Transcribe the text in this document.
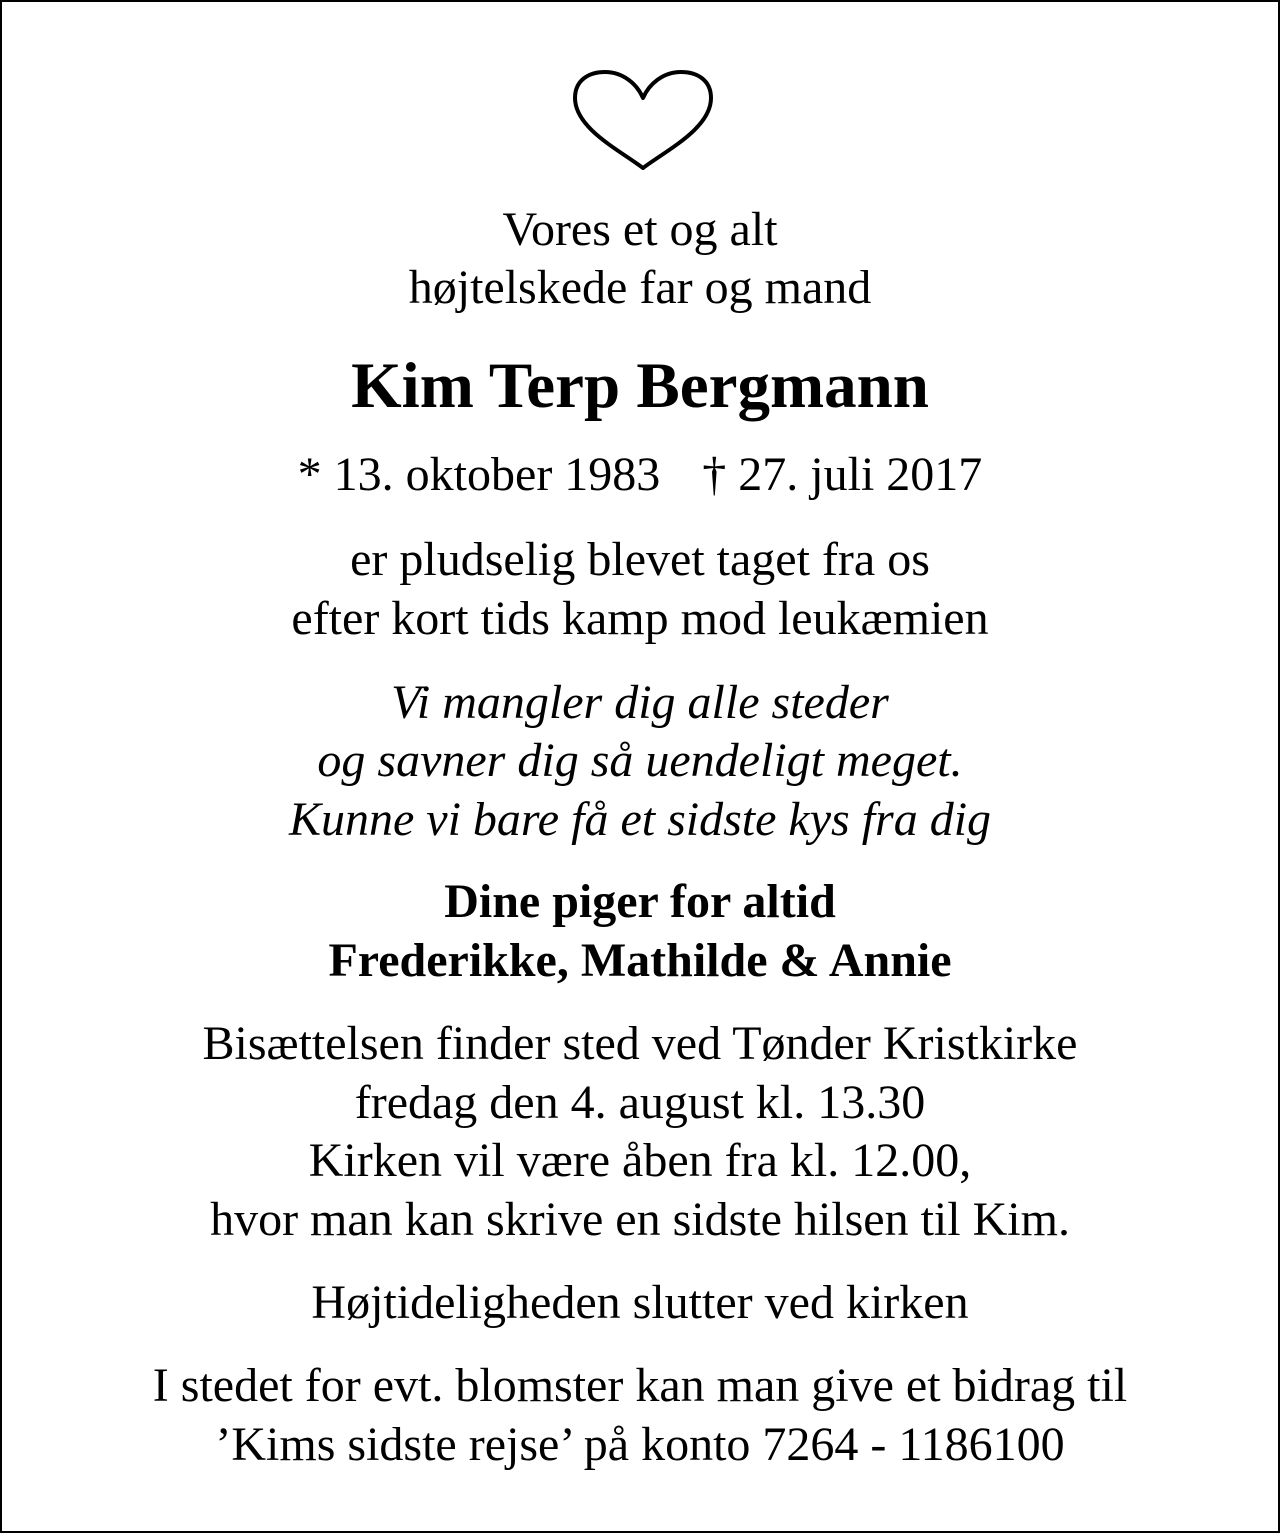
Vores et og alt
højtelskede far og mand
Kim Terp Bergmann
* 13. oktober 1983 † 27. juli 2017
er pludselig blevet taget fra os
efter kort tids kamp mod leukæmien
Vi mangler dig alle steder
og savner dig så uendeligt meget.
Kunne vi bare få et sidste kys fra dig
Dine piger for altid
Frederikke, Mathilde & Annie
Bisættelsen finder sted ved Tønder Kristkirke
fredag den 4. august kl. 13.30
Kirken vil være åben fra kl. 12.00,
hvor man kan skrive en sidste hilsen til Kim.
Højtideligheden slutter ved kirken
I stedet for evt. blomster kan man give et bidrag til
’Kims sidste rejse’ på konto 7264 - 1186100
